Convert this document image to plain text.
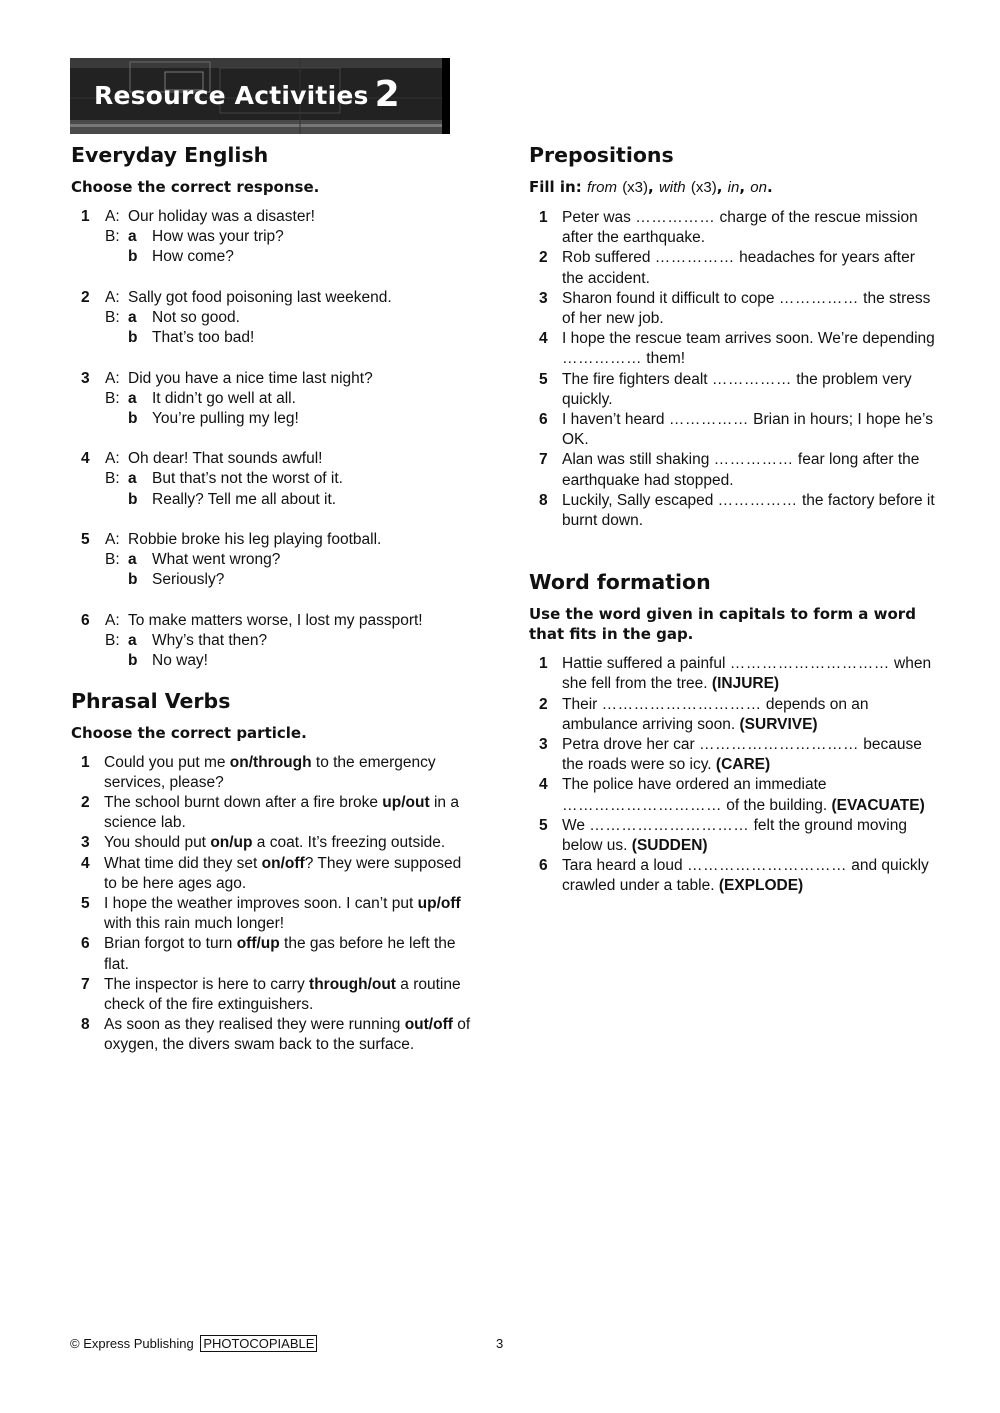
Resource Activities 2
Everyday English
Choose the correct response.
1 A: Our holiday was a disaster!
B: a How was your trip?
b How come?
2 A: Sally got food poisoning last weekend.
B: a Not so good.
b That’s too bad!
3 A: Did you have a nice time last night?
B: a It didn’t go well at all.
b You’re pulling my leg!
4 A: Oh dear! That sounds awful!
B: a But that’s not the worst of it.
b Really? Tell me all about it.
5 A: Robbie broke his leg playing football.
B: a What went wrong?
b Seriously?
6 A: To make matters worse, I lost my passport!
B: a Why’s that then?
b No way!
Phrasal Verbs
Choose the correct particle.
1 Could you put me on/through to the emergency services, please?
2 The school burnt down after a fire broke up/out in a science lab.
3 You should put on/up a coat. It’s freezing outside.
4 What time did they set on/off? They were supposed to be here ages ago.
5 I hope the weather improves soon. I can’t put up/off with this rain much longer!
6 Brian forgot to turn off/up the gas before he left the flat.
7 The inspector is here to carry through/out a routine check of the fire extinguishers.
8 As soon as they realised they were running out/off of oxygen, the divers swam back to the surface.
Prepositions
Fill in: from (x3), with (x3), in, on.
1 Peter was …………… charge of the rescue mission after the earthquake.
2 Rob suffered …………… headaches for years after the accident.
3 Sharon found it difficult to cope …………… the stress of her new job.
4 I hope the rescue team arrives soon. We’re depending …………… them!
5 The fire fighters dealt …………… the problem very quickly.
6 I haven’t heard …………… Brian in hours; I hope he’s OK.
7 Alan was still shaking …………… fear long after the earthquake had stopped.
8 Luckily, Sally escaped …………… the factory before it burnt down.
Word formation
Use the word given in capitals to form a word that fits in the gap.
1 Hattie suffered a painful ………………………… when she fell from the tree. (INJURE)
2 Their ………………………… depends on an ambulance arriving soon. (SURVIVE)
3 Petra drove her car ………………………… because the roads were so icy. (CARE)
4 The police have ordered an immediate ………………………… of the building. (EVACUATE)
5 We ………………………… felt the ground moving below us. (SUDDEN)
6 Tara heard a loud ………………………… and quickly crawled under a table. (EXPLODE)
© Express Publishing PHOTOCOPIABLE	3
